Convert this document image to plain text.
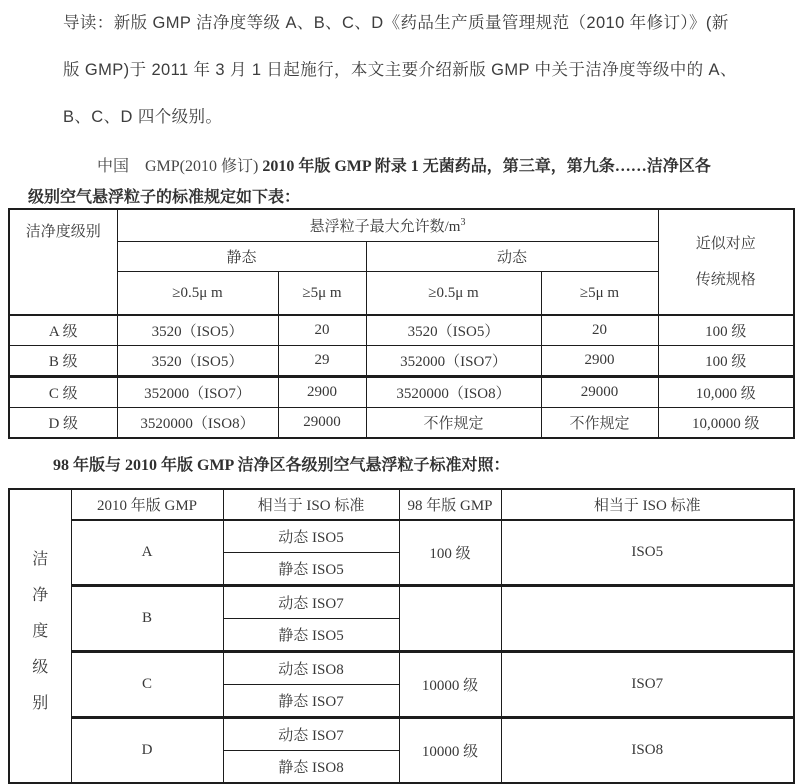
导读：新版 GMP 洁净度等级 A、B、C、D《药品生产质量管理规范（2010 年修订）》(新
版 GMP)于 2011 年 3 月 1 日起施行，本文主要介绍新版 GMP 中关于洁净度等级中的 A、
B、C、D 四个级别。
中国　GMP(2010 修订) 2010 年版 GMP 附录 1 无菌药品，第三章，第九条……洁净区各
级别空气悬浮粒子的标准规定如下表：
洁净度级别	悬浮粒子最大允许数$/m^3$				近似对应
传统规格

	静态		动态		
	≥0.5μ m	≥5μ m	≥0.5μ m	≥5μ m	
A 级	3520（ISO5）	20	3520（ISO5）	20	100 级
B 级	3520（ISO5）	29	352000（ISO7）	2900	100 级
C 级	352000（ISO7）	2900	3520000（ISO8）	29000	10,000 级
D 级	3520000（ISO8）	29000	不作规定	不作规定	10,0000 级
98 年版与 2010 年版 GMP 洁净区各级别空气悬浮粒子标准对照：
洁
净
度
级
别	2010 年版 GMP	相当于 ISO 标准	98 年版 GMP	相当于 ISO 标准
	A	动态 ISO5	100 级	ISO5
		静态 ISO5		
	B	动态 ISO7		
		静态 ISO5		
	C	动态 ISO8	10000 级	ISO7
		静态 ISO7		
	D	动态 ISO7	10000 级	ISO8
		静态 ISO8		
